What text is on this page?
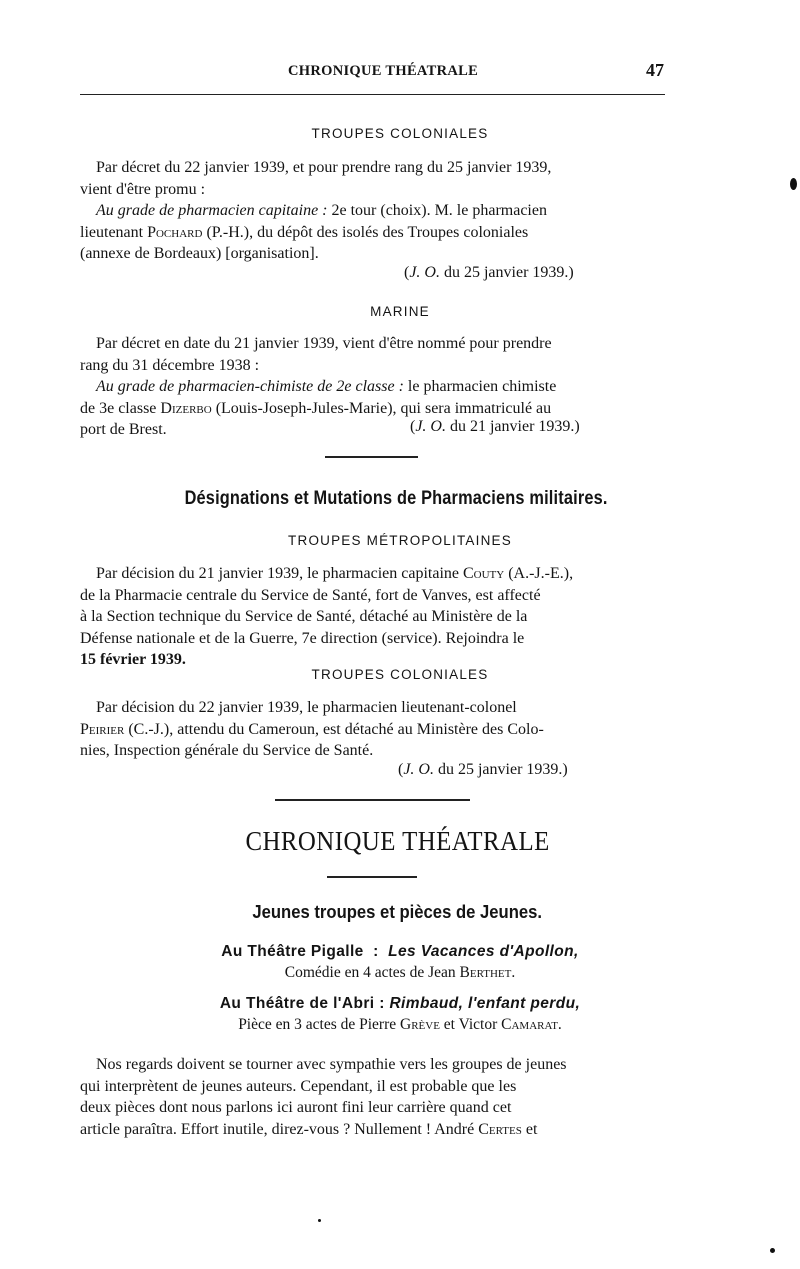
CHRONIQUE THÉATRALE	47
TROUPES COLONIALES

Par décret du 22 janvier 1939, et pour prendre rang du 25 janvier 1939,

vient d'être promu :

Au grade de pharmacien capitaine : 2e tour (choix). M. le pharmacien

lieutenant Pochard (P.-H.), du dépôt des isolés des Troupes coloniales

(annexe de Bordeaux) [organisation].

(J. O. du 25 janvier 1939.)
MARINE

Par décret en date du 21 janvier 1939, vient d'être nommé pour prendre

rang du 31 décembre 1938 :

Au grade de pharmacien-chimiste de 2e classe : le pharmacien chimiste

de 3e classe Dizerbo (Louis-Joseph-Jules-Marie), qui sera immatriculé au

port de Brest.	(J. O. du 21 janvier 1939.)
Désignations et Mutations de Pharmaciens militaires.
TROUPES MÉTROPOLITAINES

Par décision du 21 janvier 1939, le pharmacien capitaine Couty (A.-J.-E.),

de la Pharmacie centrale du Service de Santé, fort de Vanves, est affecté

à la Section technique du Service de Santé, détaché au Ministère de la

Défense nationale et de la Guerre, 7e direction (service). Rejoindra le

15 février 1939.

TROUPES COLONIALES

Par décision du 22 janvier 1939, le pharmacien lieutenant-colonel

Peirier (C.-J.), attendu du Cameroun, est détaché au Ministère des Colo-

nies, Inspection générale du Service de Santé.

(J. O. du 25 janvier 1939.)
CHRONIQUE THÉATRALE
Jeunes troupes et pièces de Jeunes.
Au Théâtre Pigalle  :  Les Vacances d'Apollon,
Comédie en 4 actes de Jean Berthet.
Au Théâtre de l'Abri : Rimbaud, l'enfant perdu,
Pièce en 3 actes de Pierre Grève et Victor Camarat.

Nos regards doivent se tourner avec sympathie vers les groupes de jeunes

qui interprètent de jeunes auteurs. Cependant, il est probable que les

deux pièces dont nous parlons ici auront fini leur carrière quand cet

article paraîtra. Effort inutile, direz-vous ? Nullement ! André Certes et
